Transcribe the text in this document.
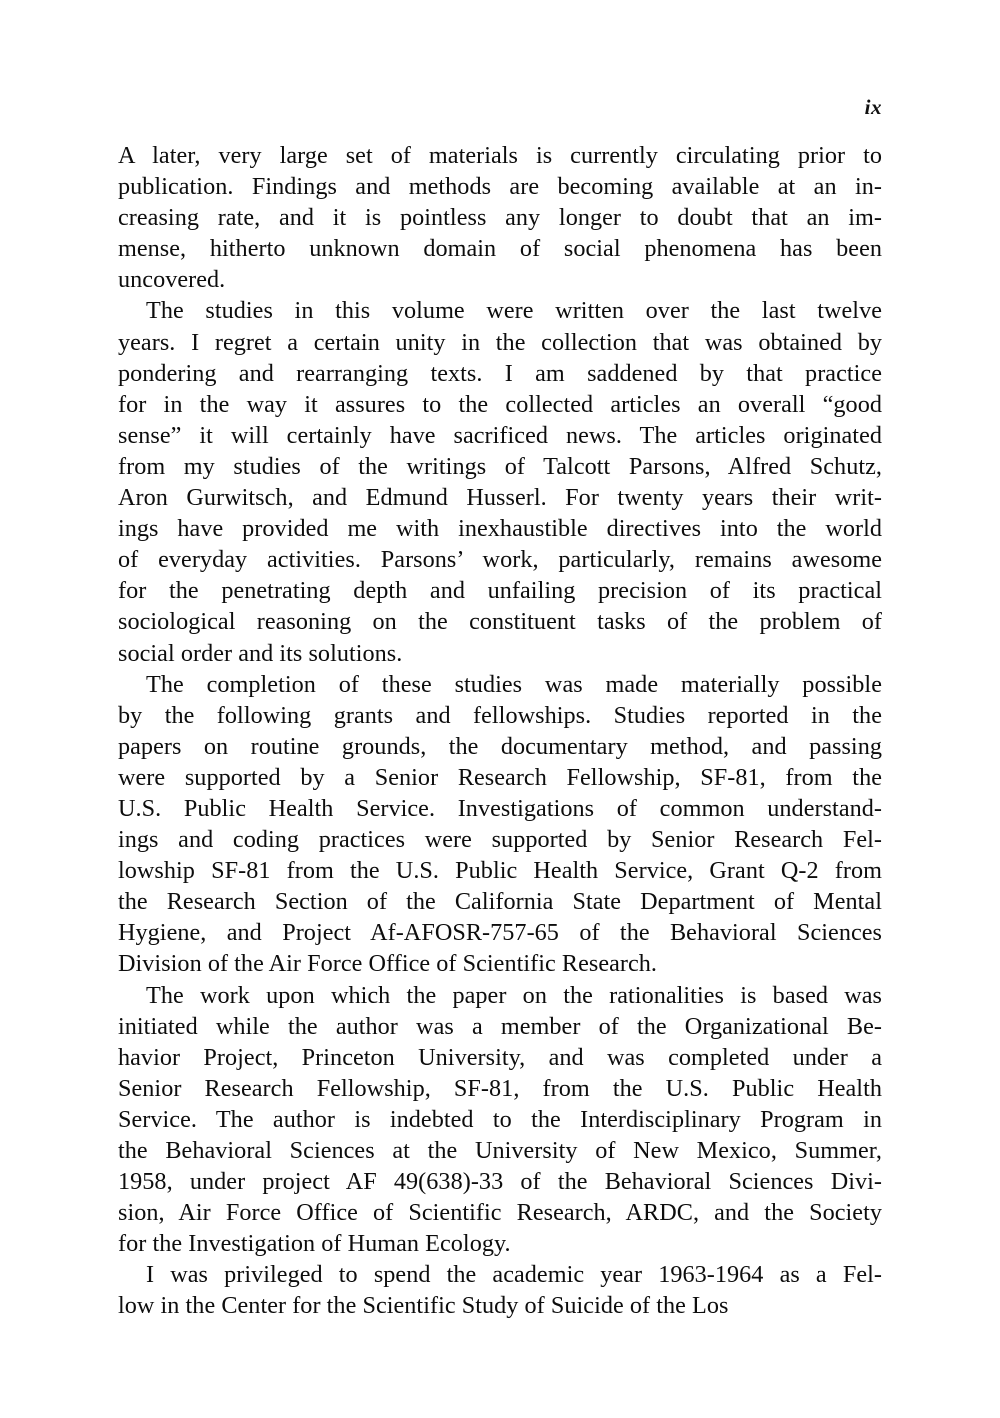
ix

A later, very large set of materials is currently circulating prior to
publication. Findings and methods are becoming available at an in-
creasing rate, and it is pointless any longer to doubt that an im-
mense, hitherto unknown domain of social phenomena has been
uncovered.

The studies in this volume were written over the last twelve
years. I regret a certain unity in the collection that was obtained by
pondering and rearranging texts. I am saddened by that practice
for in the way it assures to the collected articles an overall “good
sense” it will certainly have sacrificed news. The articles originated
from my studies of the writings of Talcott Parsons, Alfred Schutz,
Aron Gurwitsch, and Edmund Husserl. For twenty years their writ-
ings have provided me with inexhaustible directives into the world
of everyday activities. Parsons’ work, particularly, remains awesome
for the penetrating depth and unfailing precision of its practical
sociological reasoning on the constituent tasks of the problem of
social order and its solutions.

The completion of these studies was made materially possible
by the following grants and fellowships. Studies reported in the
papers on routine grounds, the documentary method, and passing
were supported by a Senior Research Fellowship, SF-81, from the
U.S. Public Health Service. Investigations of common understand-
ings and coding practices were supported by Senior Research Fel-
lowship SF-81 from the U.S. Public Health Service, Grant Q-2 from
the Research Section of the California State Department of Mental
Hygiene, and Project Af-AFOSR-757-65 of the Behavioral Sciences
Division of the Air Force Office of Scientific Research.

The work upon which the paper on the rationalities is based was
initiated while the author was a member of the Organizational Be-
havior Project, Princeton University, and was completed under a
Senior Research Fellowship, SF-81, from the U.S. Public Health
Service. The author is indebted to the Interdisciplinary Program in
the Behavioral Sciences at the University of New Mexico, Summer,
1958, under project AF 49(638)-33 of the Behavioral Sciences Divi-
sion, Air Force Office of Scientific Research, ARDC, and the Society
for the Investigation of Human Ecology.

I was privileged to spend the academic year 1963-1964 as a Fel-
low in the Center for the Scientific Study of Suicide of the Los
